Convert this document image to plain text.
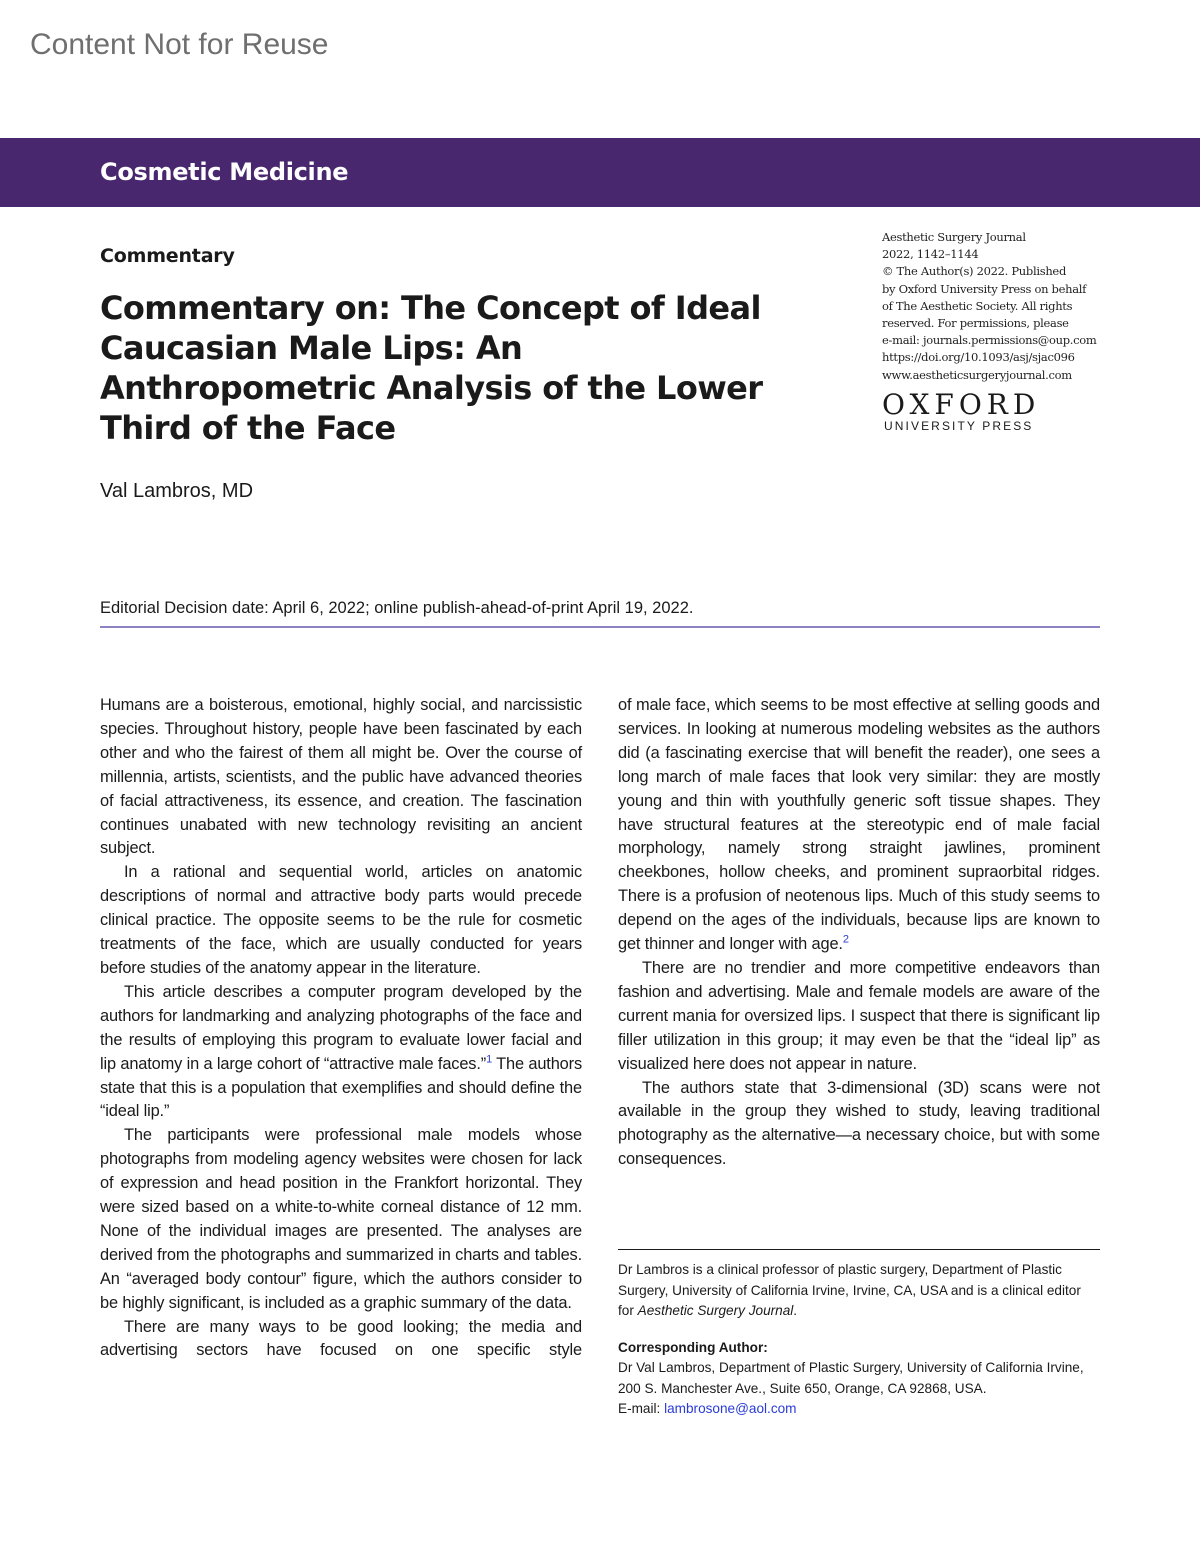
Content Not for Reuse
Cosmetic Medicine
Commentary
Commentary on: The Concept of Ideal Caucasian Male Lips: An Anthropometric Analysis of the Lower Third of the Face
Aesthetic Surgery Journal
2022, 1142–1144
© The Author(s) 2022. Published
by Oxford University Press on behalf
of The Aesthetic Society. All rights
reserved. For permissions, please
e-mail: journals.permissions@oup.com
https://doi.org/10.1093/asj/sjac096
www.aestheticsurgeryjournal.com
OXFORD
UNIVERSITY PRESS
Val Lambros, MD
Editorial Decision date: April 6, 2022; online publish-ahead-of-print April 19, 2022.

Humans are a boisterous, emotional, highly social, and narcissistic species. Throughout history, people have been fascinated by each other and who the fairest of them all might be. Over the course of millennia, artists, scientists, and the public have advanced theories of facial attractiveness, its essence, and creation. The fascination continues unabated with new technology revisiting an ancient subject.

In a rational and sequential world, articles on anatomic descriptions of normal and attractive body parts would precede clinical practice. The opposite seems to be the rule for cosmetic treatments of the face, which are usually conducted for years before studies of the anatomy appear in the literature.

This article describes a computer program developed by the authors for landmarking and analyzing photographs of the face and the results of employing this program to evaluate lower facial and lip anatomy in a large cohort of “attractive male faces.”$^1$ The authors state that this is a population that exemplifies and should define the “ideal lip.”

The participants were professional male models whose photographs from modeling agency websites were chosen for lack of expression and head position in the Frankfort horizontal. They were sized based on a white-to-white corneal distance of 12 mm. None of the individual images are presented. The analyses are derived from the photographs and summarized in charts and tables. An “averaged body contour” figure, which the authors consider to be highly significant, is included as a graphic summary of the data.

There are many ways to be good looking; the media and advertising sectors have focused on one specific style

of male face, which seems to be most effective at selling goods and services. In looking at numerous modeling websites as the authors did (a fascinating exercise that will benefit the reader), one sees a long march of male faces that look very similar: they are mostly young and thin with youthfully generic soft tissue shapes. They have structural features at the stereotypic end of male facial morphology, namely strong straight jawlines, prominent cheekbones, hollow cheeks, and prominent supraorbital ridges. There is a profusion of neotenous lips. Much of this study seems to depend on the ages of the individuals, because lips are known to get thinner and longer with age.$^2$

There are no trendier and more competitive endeavors than fashion and advertising. Male and female models are aware of the current mania for oversized lips. I suspect that there is significant lip filler utilization in this group; it may even be that the “ideal lip” as visualized here does not appear in nature.

The authors state that 3-dimensional (3D) scans were not available in the group they wished to study, leaving traditional photography as the alternative—a necessary choice, but with some consequences.

Dr Lambros is a clinical professor of plastic surgery, Department of Plastic Surgery, University of California Irvine, Irvine, CA, USA and is a clinical editor for Aesthetic Surgery Journal.

Corresponding Author:

Dr Val Lambros, Department of Plastic Surgery, University of California Irvine, 200 S. Manchester Ave., Suite 650, Orange, CA 92868, USA.

E-mail: lambrosone@aol.com
